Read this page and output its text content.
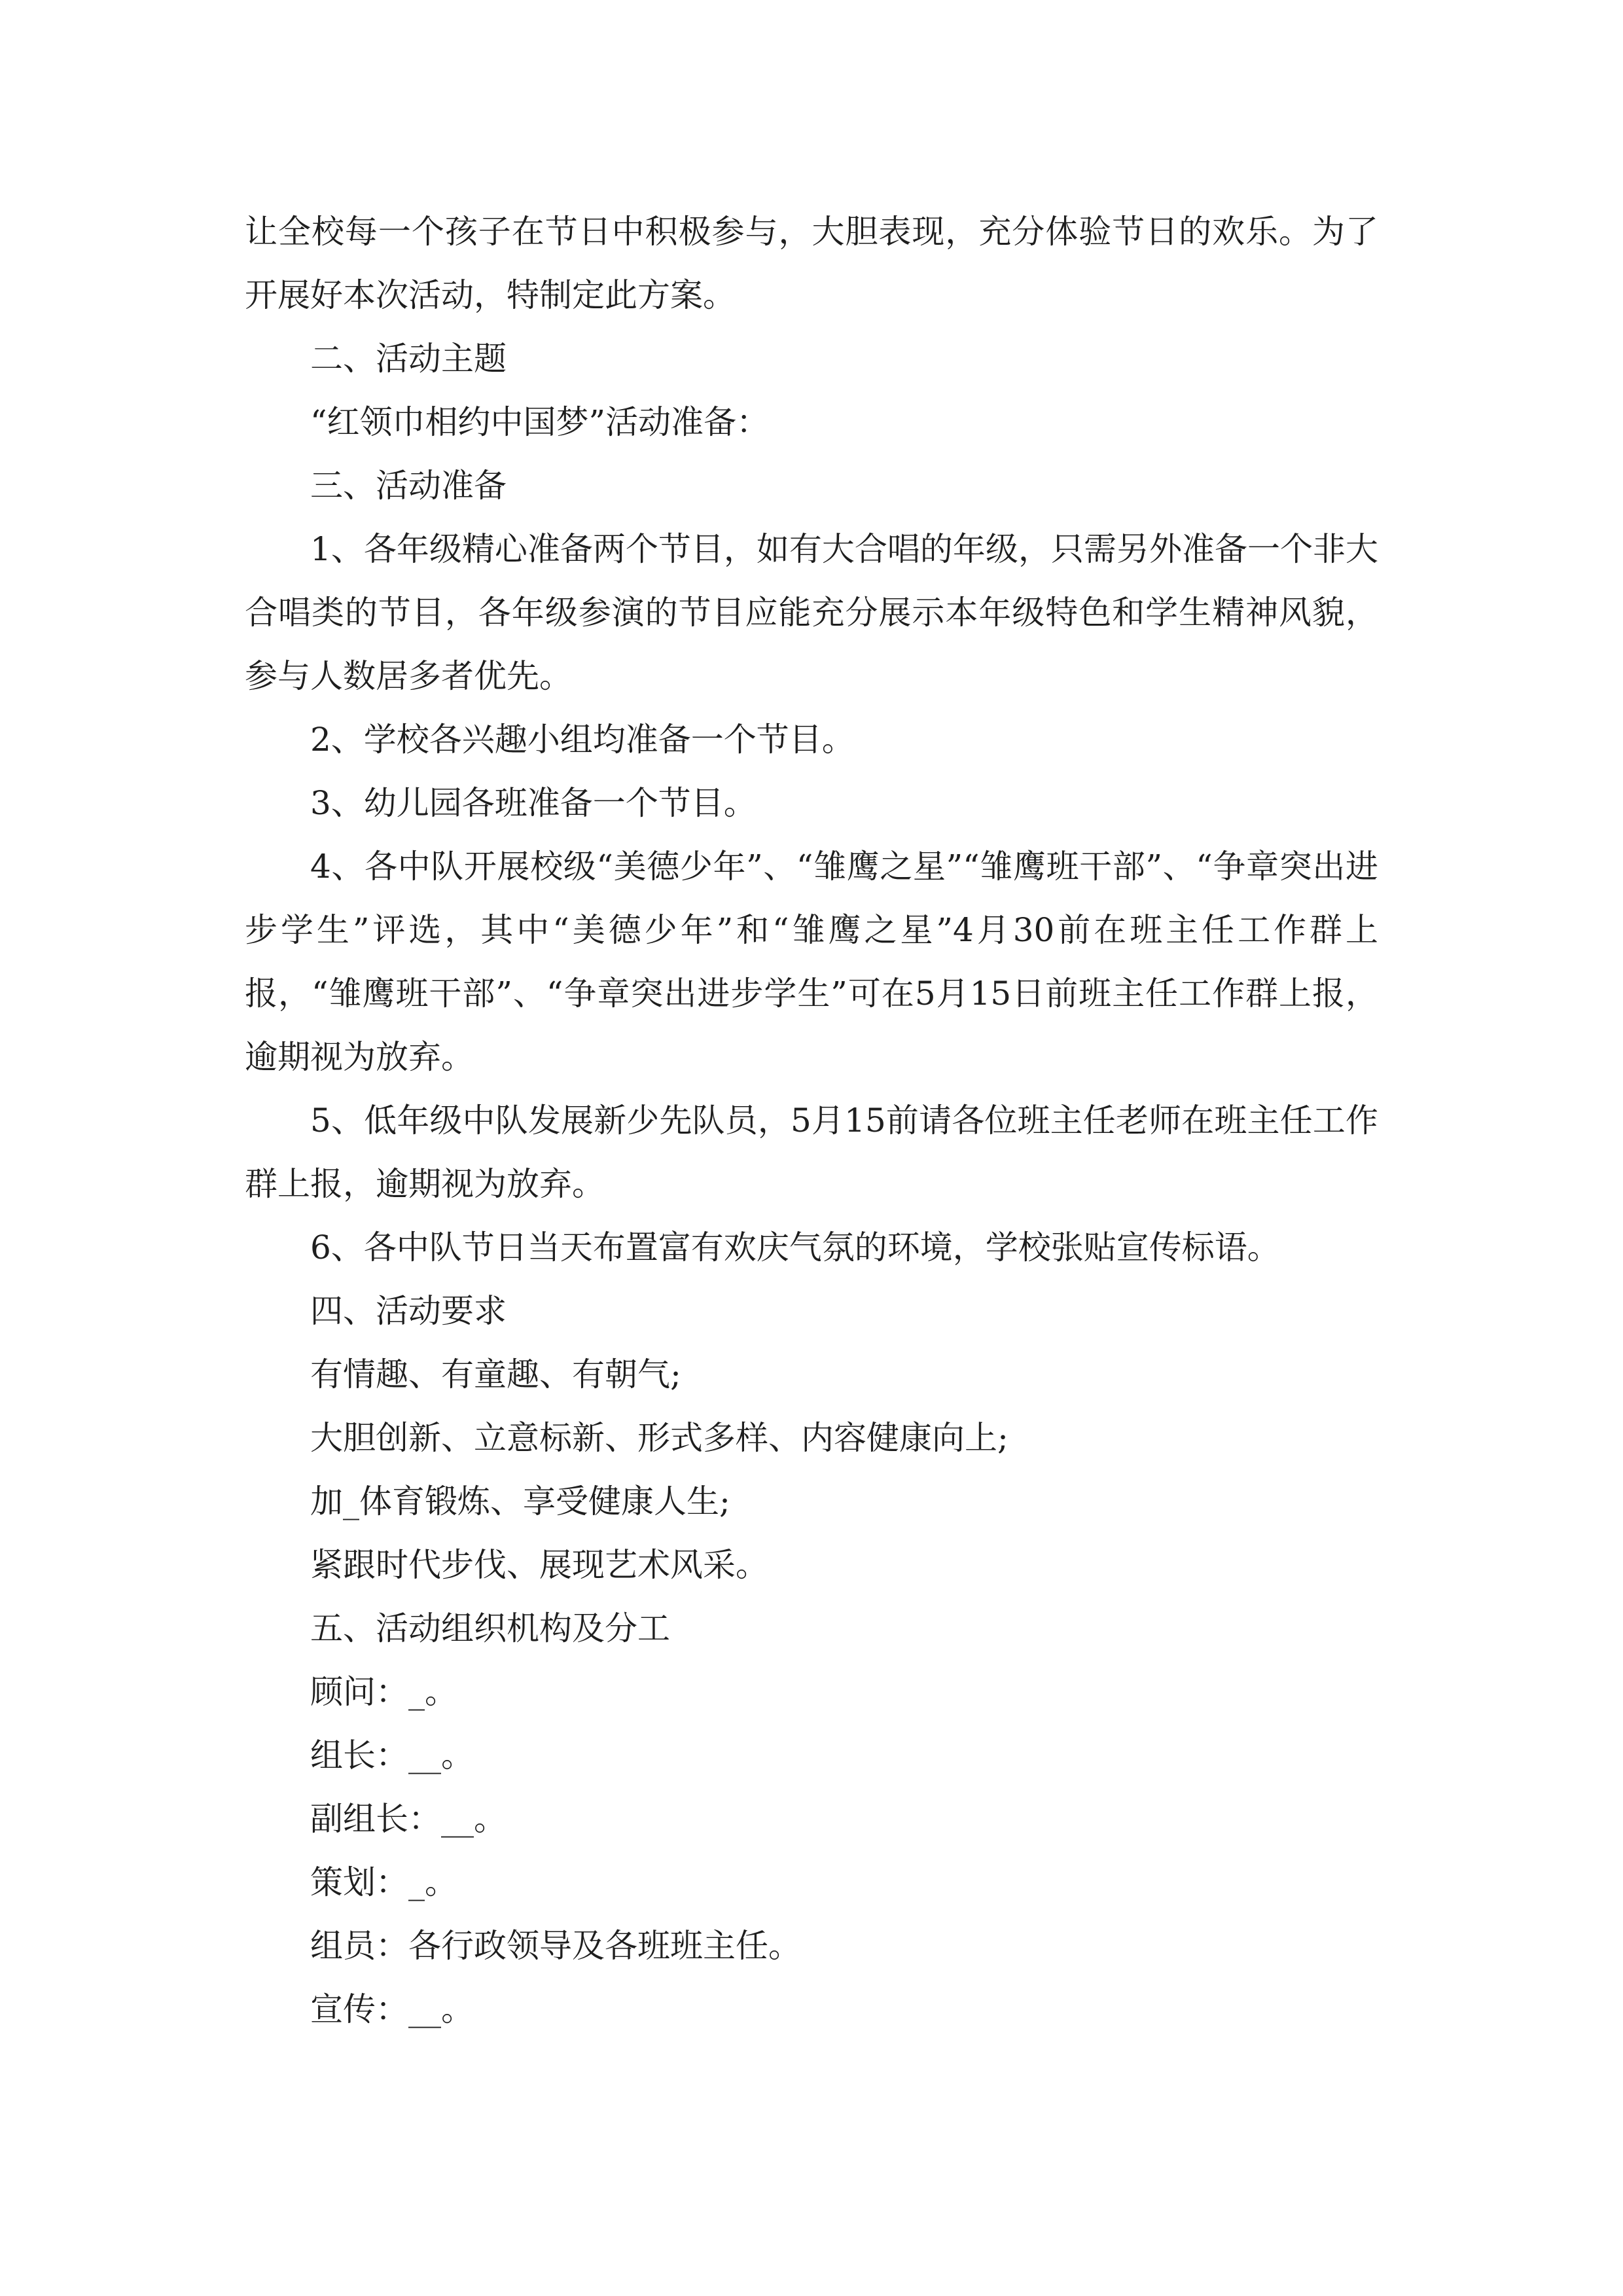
让全校每一个孩子在节日中积极参与，大胆表现，充分体验节日的欢乐。为了开展好本次活动，特制定此方案。

二、活动主题

“红领巾相约中国梦”活动准备：

三、活动准备

1、各年级精心准备两个节目，如有大合唱的年级，只需另外准备一个非大合唱类的节目，各年级参演的节目应能充分展示本年级特色和学生精神风貌，参与人数居多者优先。

2、学校各兴趣小组均准备一个节目。

3、幼儿园各班准备一个节目。

4、各中队开展校级“美德少年”、“雏鹰之星”“雏鹰班干部”、“争章突出进步学生”评选，其中“美德少年”和“雏鹰之星”4月30前在班主任工作群上报，“雏鹰班干部”、“争章突出进步学生”可在5月15日前班主任工作群上报，逾期视为放弃。

5、低年级中队发展新少先队员，5月15前请各位班主任老师在班主任工作群上报，逾期视为放弃。

6、各中队节日当天布置富有欢庆气氛的环境，学校张贴宣传标语。

四、活动要求

有情趣、有童趣、有朝气;

大胆创新、立意标新、形式多样、内容健康向上;

加_体育锻炼、享受健康人生;

紧跟时代步伐、展现艺术风采。

五、活动组织机构及分工

顾问：_。

组长：__。

副组长：__。

策划：_。

组员：各行政领导及各班班主任。

宣传：__。
